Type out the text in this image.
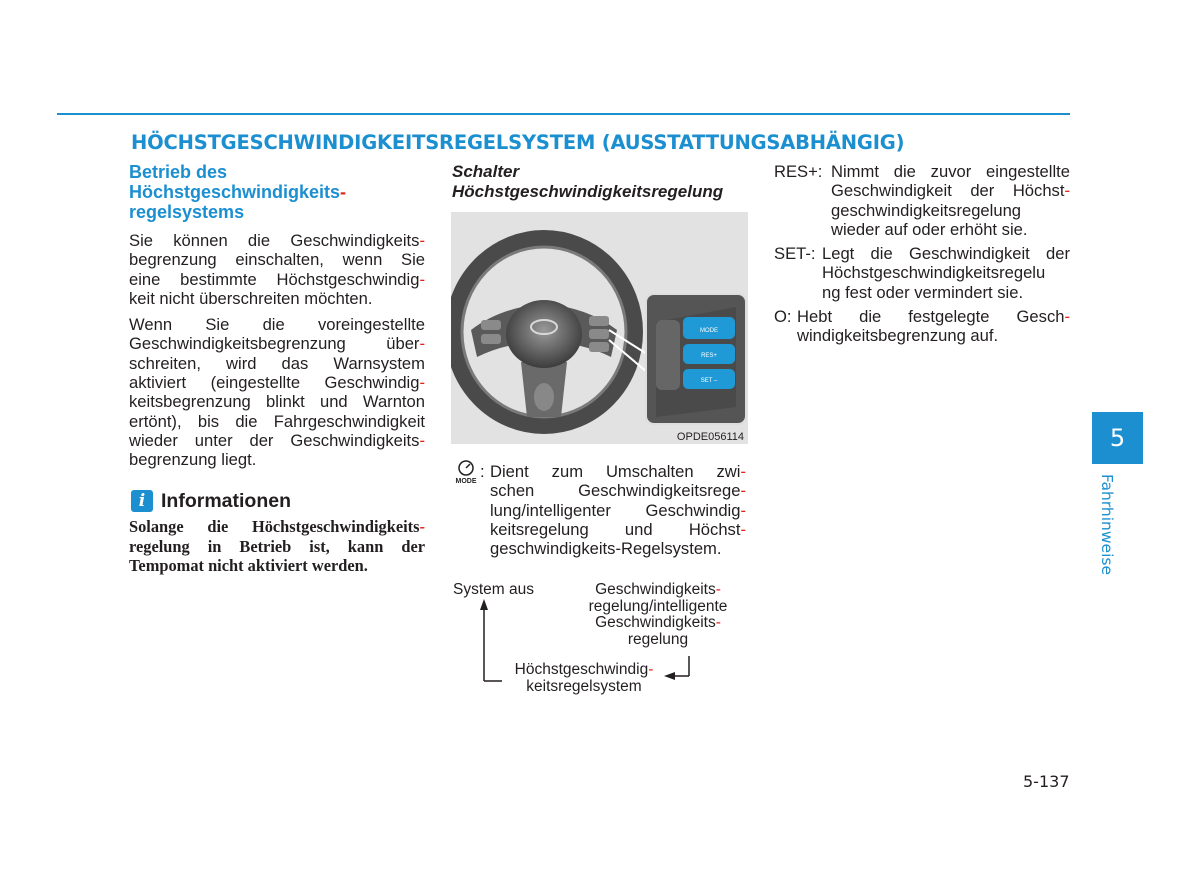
HÖCHSTGESCHWINDIGKEITSREGELSYSTEM (AUSSTATTUNGSABHÄNGIG)
Betrieb des
Höchstgeschwindigkeits-
regelsystems
Sie können die Geschwindigkeits-
begrenzung einschalten, wenn Sie
eine bestimmte Höchstgeschwindig-
keit nicht überschreiten möchten.
Wenn Sie die voreingestellte
Geschwindigkeitsbegrenzung über-
schreiten, wird das Warnsystem
aktiviert (eingestellte Geschwindig-
keitsbegrenzung blinkt und Warnton
ertönt), bis die Fahrgeschwindigkeit
wieder unter der Geschwindigkeits-
begrenzung liegt.
i Informationen
Solange die Höchstgeschwindigkeits-
regelung in Betrieb ist, kann der
Tempomat nicht aktiviert werden.
Schalter
Höchstgeschwindigkeitsregelung
MODE
RES+
SET –
OPDE056114
MODE
: Dient zum Umschalten zwi-
schen Geschwindigkeitsrege-
lung/intelligenter Geschwindig-
keitsregelung und Höchst-
geschwindigkeits-Regelsystem.
System aus	Geschwindigkeits-
regelung/intelligente
Geschwindigkeits-
regelung
Höchstgeschwindig-
keitsregelsystem
RES+: Nimmt die zuvor eingestellte
Geschwindigkeit der Höchst-
geschwindigkeitsregelung
wieder auf oder erhöht sie.
SET-: Legt die Geschwindigkeit der
Höchstgeschwindigkeitsregelu
ng fest oder vermindert sie.
O: Hebt die festgelegte Gesch-
windigkeitsbegrenzung auf.
5
Fahrhinweise
5-137
